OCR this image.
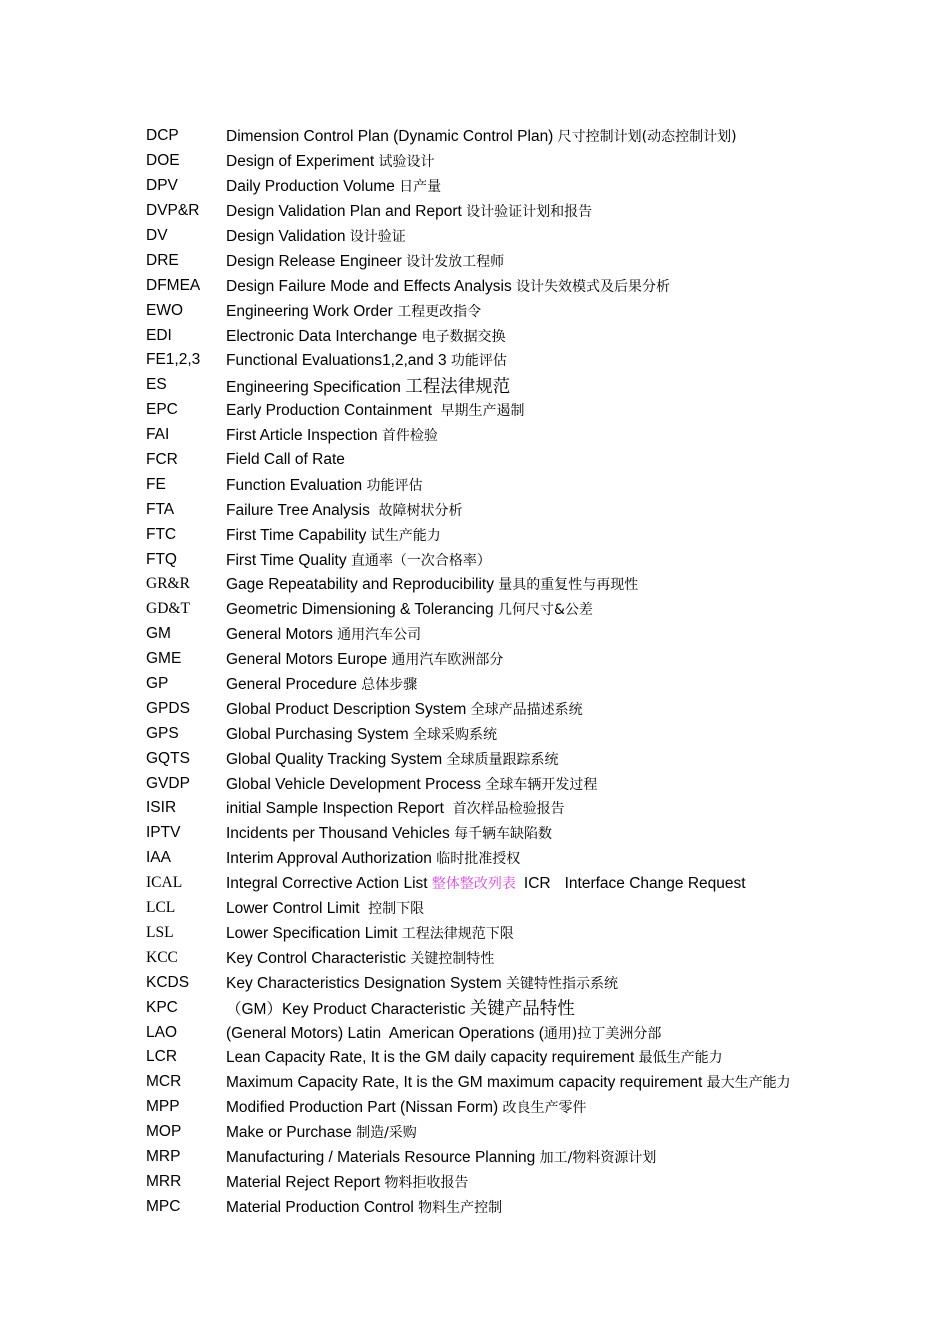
DCP	Dimension Control Plan (Dynamic Control Plan) 尺寸控制计划(动态控制计划)
DOE	Design of Experiment 试验设计
DPV	Daily Production Volume 日产量
DVP&R	Design Validation Plan and Report 设计验证计划和报告
DV	Design Validation 设计验证
DRE	Design Release Engineer 设计发放工程师
DFMEA	Design Failure Mode and Effects Analysis 设计失效模式及后果分析
EWO	Engineering Work Order 工程更改指令
EDI	Electronic Data Interchange 电子数据交换
FE1,2,3	Functional Evaluations1,2,and 3 功能评估
ES	Engineering Specification 工程法律规范
EPC	Early Production Containment  早期生产遏制
FAI	First Article Inspection 首件检验
FCR	Field Call of Rate
FE	Function Evaluation 功能评估
FTA	Failure Tree Analysis  故障树状分析
FTC	First Time Capability 试生产能力
FTQ	First Time Quality 直通率（一次合格率）
GR&R	Gage Repeatability and Reproducibility 量具的重复性与再现性
GD&T	Geometric Dimensioning & Tolerancing 几何尺寸&公差
GM	General Motors 通用汽车公司
GME	General Motors Europe 通用汽车欧洲部分
GP	General Procedure 总体步骤
GPDS	Global Product Description System 全球产品描述系统
GPS	Global Purchasing System 全球采购系统
GQTS	Global Quality Tracking System 全球质量跟踪系统
GVDP	Global Vehicle Development Process 全球车辆开发过程
ISIR	initial Sample Inspection Report  首次样品检验报告
IPTV	Incidents per Thousand Vehicles 每千辆车缺陷数
IAA	Interim Approval Authorization 临时批准授权
ICAL	Integral Corrective Action List 整体整改列表 ICR Interface Change Request
LCL	Lower Control Limit  控制下限
LSL	Lower Specification Limit 工程法律规范下限
KCC	Key Control Characteristic 关键控制特性
KCDS	Key Characteristics Designation System 关键特性指示系统
KPC	（GM）Key Product Characteristic 关键产品特性
LAO	(General Motors) Latin  American Operations (通用)拉丁美洲分部
LCR	Lean Capacity Rate, It is the GM daily capacity requirement 最低生产能力
MCR	Maximum Capacity Rate, It is the GM maximum capacity requirement 最大生产能力
MPP	Modified Production Part (Nissan Form) 改良生产零件
MOP	Make or Purchase 制造/采购
MRP	Manufacturing / Materials Resource Planning 加工/物料资源计划
MRR	Material Reject Report 物料拒收报告
MPC	Material Production Control 物料生产控制
